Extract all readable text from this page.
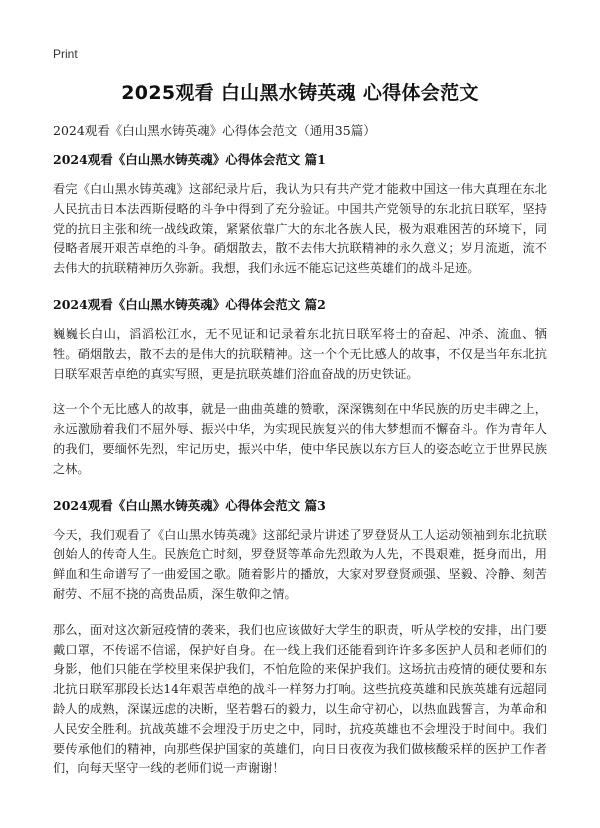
Print
2025观看 白山黑水铸英魂 心得体会范文
2024观看《白山黑水铸英魂》心得体会范文（通用35篇）
2024观看《白山黑水铸英魂》心得体会范文 篇1

看完《白山黑水铸英魂》这部纪录片后，我认为只有共产党才能救中国这一伟大真理在东北人民抗击日本法西斯侵略的斗争中得到了充分验证。中国共产党领导的东北抗日联军，坚持党的抗日主张和统一战线政策，紧紧依靠广大的东北各族人民，极为艰难困苦的环境下，同侵略者展开艰苦卓绝的斗争。硝烟散去，散不去伟大抗联精神的永久意义；岁月流逝，流不去伟大的抗联精神历久弥新。我想，我们永远不能忘记这些英雄们的战斗足迹。

2024观看《白山黑水铸英魂》心得体会范文 篇2

巍巍长白山，滔滔松江水，无不见证和记录着东北抗日联军将士的奋起、冲杀、流血、牺牲。硝烟散去，散不去的是伟大的抗联精神。这一个个无比感人的故事，不仅是当年东北抗日联军艰苦卓绝的真实写照，更是抗联英雄们浴血奋战的历史铁证。

这一个个无比感人的故事，就是一曲曲英雄的赞歌，深深镌刻在中华民族的历史丰碑之上，永远激励着我们不屈外辱、振兴中华，为实现民族复兴的伟大梦想而不懈奋斗。作为青年人的我们，要缅怀先烈，牢记历史，振兴中华，使中华民族以东方巨人的姿态屹立于世界民族之林。

2024观看《白山黑水铸英魂》心得体会范文 篇3

今天，我们观看了《白山黑水铸英魂》这部纪录片讲述了罗登贤从工人运动领袖到东北抗联创始人的传奇人生。民族危亡时刻，罗登贤等革命先烈敢为人先，不畏艰难，挺身而出，用鲜血和生命谱写了一曲爱国之歌。随着影片的播放，大家对罗登贤顽强、坚毅、冷静、刻苦耐劳、不屈不挠的高贵品质，深生敬仰之情。

那么，面对这次新冠疫情的袭来，我们也应该做好大学生的职责，听从学校的安排，出门要戴口罩，不传谣不信谣，保护好自身。在一线上我们还能看到许许多多医护人员和老师们的身影，他们只能在学校里来保护我们，不怕危险的来保护我们。这场抗击疫情的硬仗要和东北抗日联军那段长达14年艰苦卓绝的战斗一样努力打响。这些抗疫英雄和民族英雄有远超同龄人的成熟，深谋远虑的决断，坚若磐石的毅力，以生命守初心，以热血践誓言，为革命和人民安全胜利。抗战英雄不会埋没于历史之中，同时，抗疫英雄也不会埋没于时间中。我们要传承他们的精神，向那些保护国家的英雄们，向日日夜夜为我们做核酸采样的医护工作者们，向每天坚守一线的老师们说一声谢谢！
